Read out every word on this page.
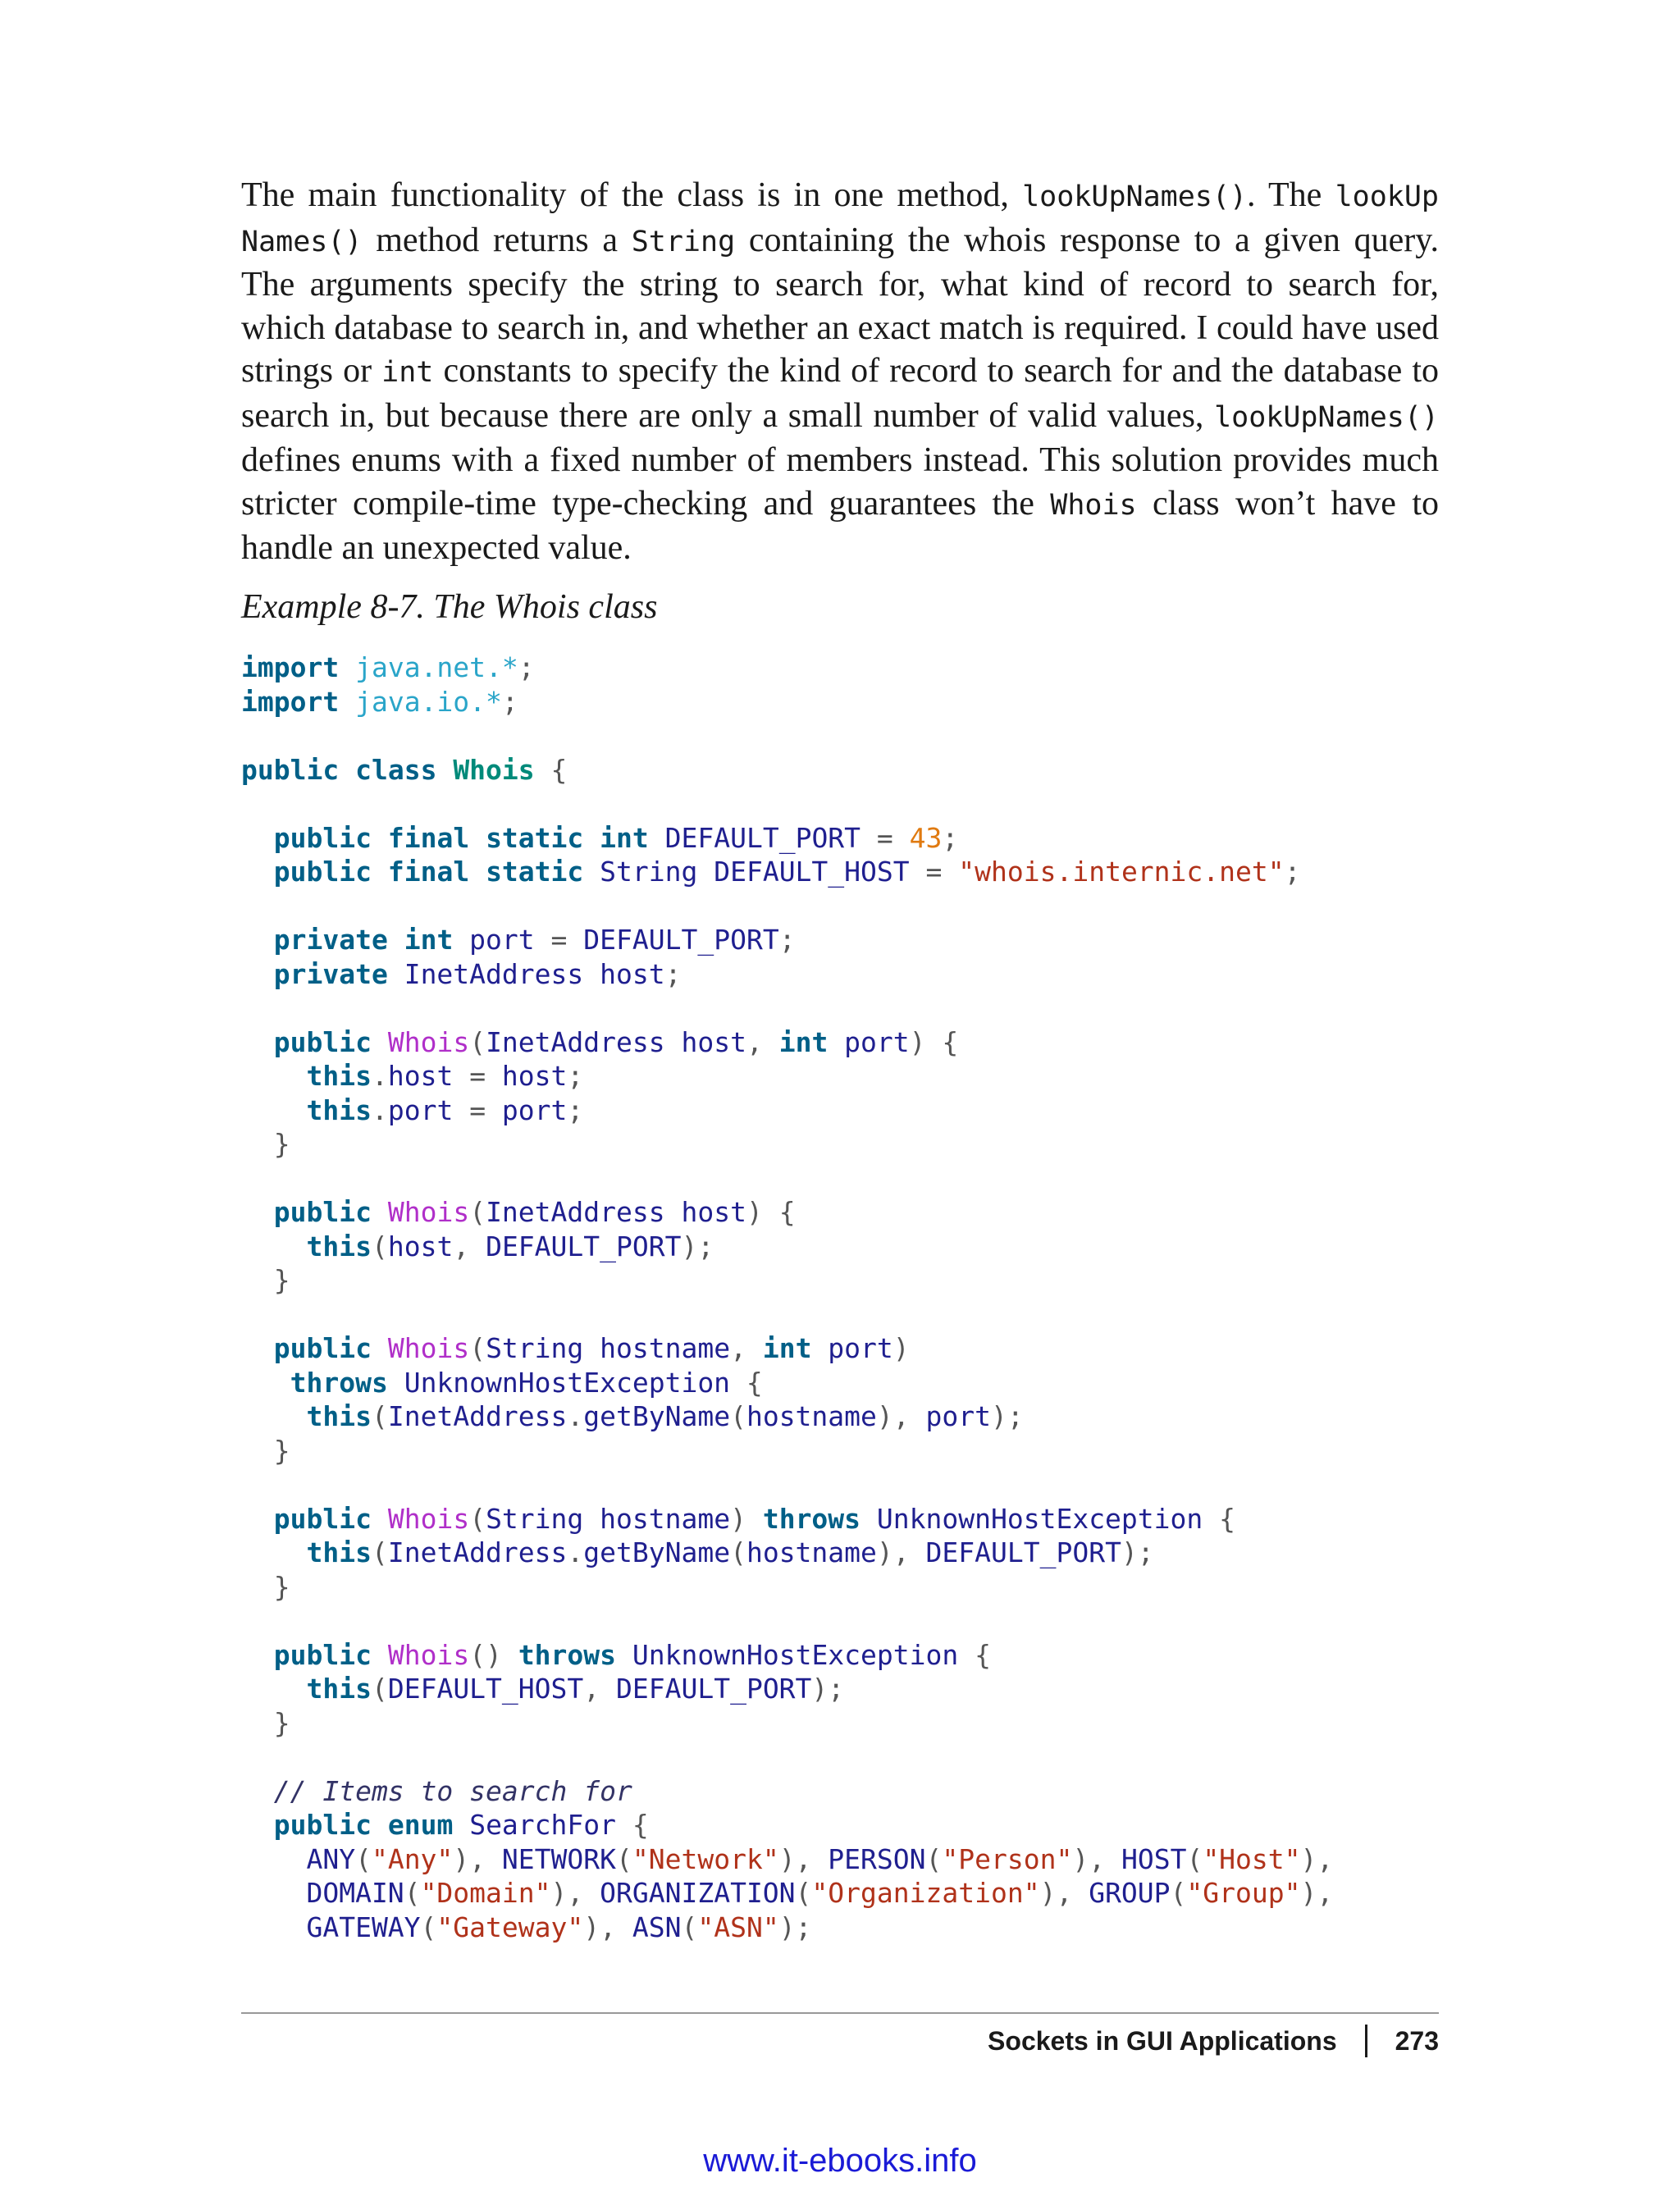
The main functionality of the class is in one method, lookUpNames(). The lookUp Names() method returns a String containing the whois response to a given query. The arguments specify the string to search for, what kind of record to search for, which database to search in, and whether an exact match is required. I could have used strings or int constants to specify the kind of record to search for and the database to search in, but because there are only a small number of valid values, lookUpNames() defines enums with a fixed number of members instead. This solution provides much stricter compile-time type-checking and guarantees the Whois class won’t have to handle an unexpected value.

Example 8-7. The Whois class

import java.net.*;
import java.io.*;

public class Whois {

public final static int DEFAULT_PORT = 43;
public final static String DEFAULT_HOST = "whois.internic.net";

private int port = DEFAULT_PORT;
private InetAddress host;

public Whois(InetAddress host, int port) {
this.host = host;
this.port = port;
}

public Whois(InetAddress host) {
this(host, DEFAULT_PORT);
}

public Whois(String hostname, int port)
throws UnknownHostException {
this(InetAddress.getByName(hostname), port);
}

public Whois(String hostname) throws UnknownHostException {
this(InetAddress.getByName(hostname), DEFAULT_PORT);
}

public Whois() throws UnknownHostException {
this(DEFAULT_HOST, DEFAULT_PORT);
}

// Items to search for
public enum SearchFor {
ANY("Any"), NETWORK("Network"), PERSON("Person"), HOST("Host"),
DOMAIN("Domain"), ORGANIZATION("Organization"), GROUP("Group"),
GATEWAY("Gateway"), ASN("ASN");
Sockets in GUI Applications 273
www.it-ebooks.info
